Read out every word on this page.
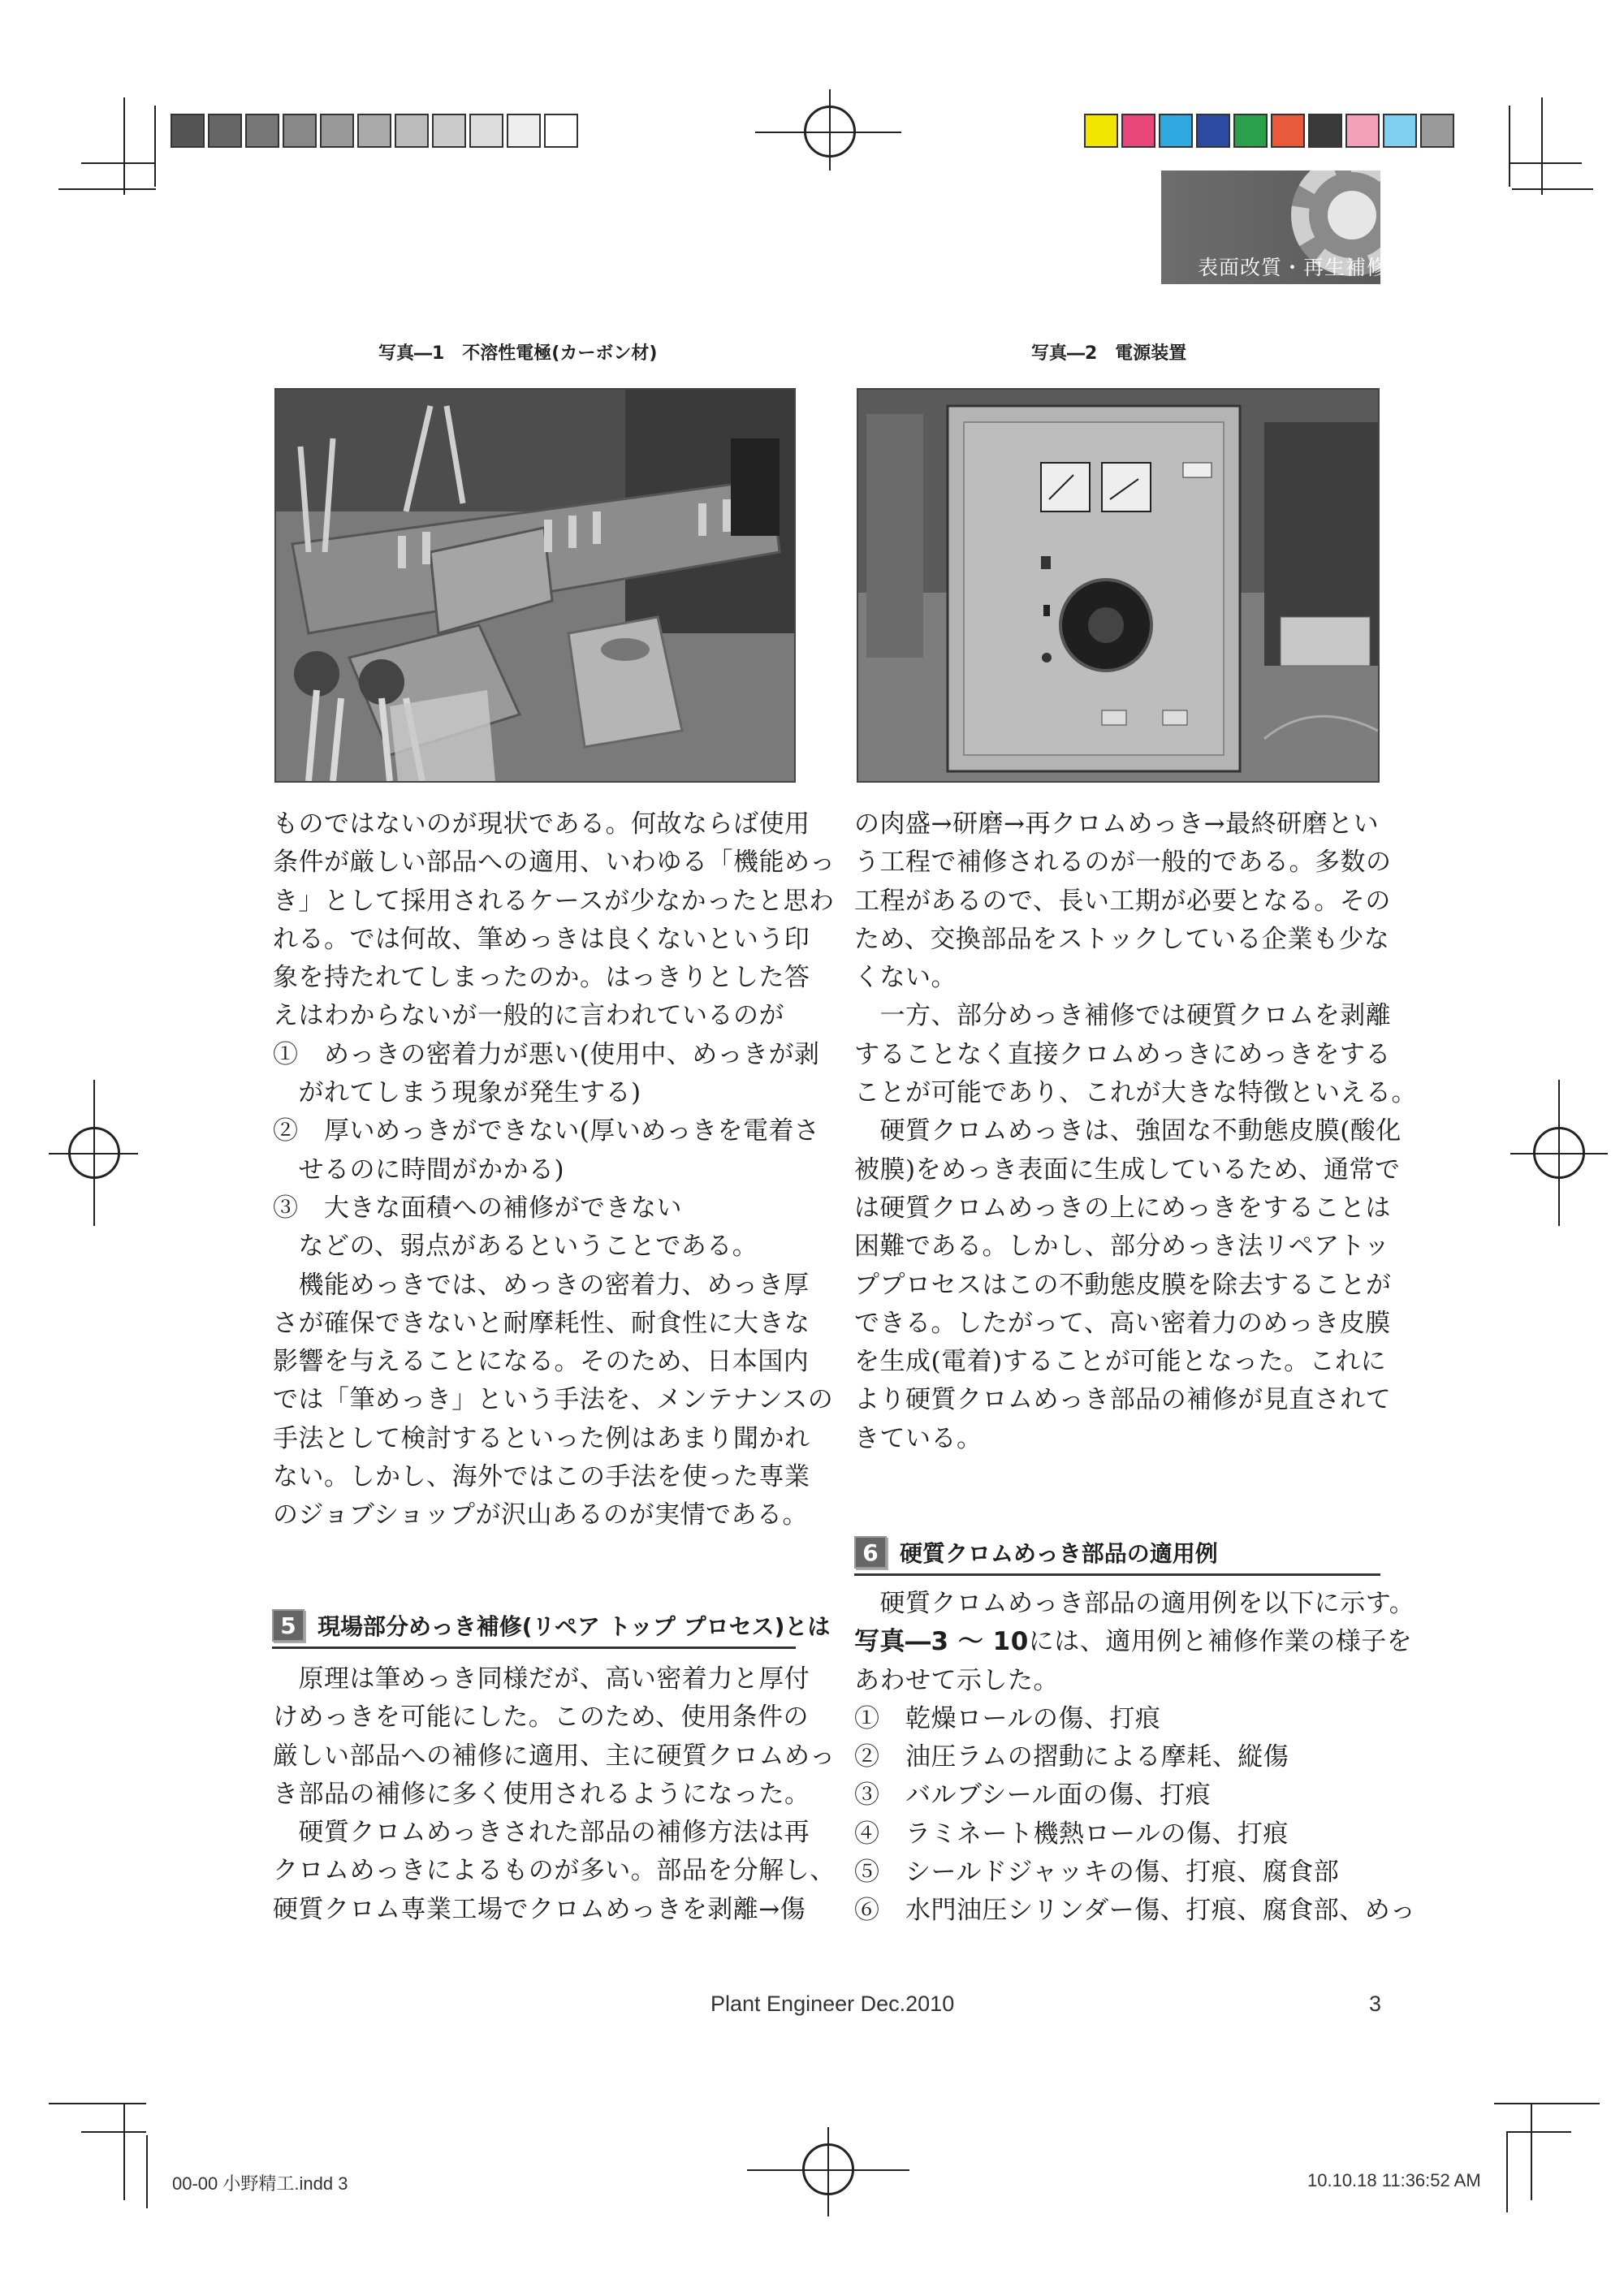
表面改質・再生補修
写真―1　不溶性電極(カーボン材)	写真―2　電源装置
ものではないのが現状である。何故ならば使用
条件が厳しい部品への適用、いわゆる「機能めっ
き」として採用されるケースが少なかったと思わ
れる。では何故、筆めっきは良くないという印
象を持たれてしまったのか。はっきりとした答
えはわからないが一般的に言われているのが
①　めっきの密着力が悪い(使用中、めっきが剥
　がれてしまう現象が発生する)
②　厚いめっきができない(厚いめっきを電着さ
　せるのに時間がかかる)
③　大きな面積への補修ができない
　などの、弱点があるということである。
　機能めっきでは、めっきの密着力、めっき厚
さが確保できないと耐摩耗性、耐食性に大きな
影響を与えることになる。そのため、日本国内
では「筆めっき」という手法を、メンテナンスの
手法として検討するといった例はあまり聞かれ
ない。しかし、海外ではこの手法を使った専業
のジョブショップが沢山あるのが実情である。
5 現場部分めっき補修(リペア トップ プロセス)とは
　原理は筆めっき同様だが、高い密着力と厚付
けめっきを可能にした。このため、使用条件の
厳しい部品への補修に適用、主に硬質クロムめっ
き部品の補修に多く使用されるようになった。
　硬質クロムめっきされた部品の補修方法は再
クロムめっきによるものが多い。部品を分解し、
硬質クロム専業工場でクロムめっきを剥離→傷
の肉盛→研磨→再クロムめっき→最終研磨とい
う工程で補修されるのが一般的である。多数の
工程があるので、長い工期が必要となる。その
ため、交換部品をストックしている企業も少な
くない。
　一方、部分めっき補修では硬質クロムを剥離
することなく直接クロムめっきにめっきをする
ことが可能であり、これが大きな特徴といえる。
　硬質クロムめっきは、強固な不動態皮膜(酸化
被膜)をめっき表面に生成しているため、通常で
は硬質クロムめっきの上にめっきをすることは
困難である。しかし、部分めっき法リペアトッ
ププロセスはこの不動態皮膜を除去することが
できる。したがって、高い密着力のめっき皮膜
を生成(電着)することが可能となった。これに
より硬質クロムめっき部品の補修が見直されて
きている。
6 硬質クロムめっき部品の適用例
　硬質クロムめっき部品の適用例を以下に示す。
写真―3 ～ 10には、適用例と補修作業の様子を
あわせて示した。
①　乾燥ロールの傷、打痕
②　油圧ラムの摺動による摩耗、縦傷
③　バルブシール面の傷、打痕
④　ラミネート機熱ロールの傷、打痕
⑤　シールドジャッキの傷、打痕、腐食部
⑥　水門油圧シリンダー傷、打痕、腐食部、めっ
Plant Engineer Dec.2010	3
00-00 小野精工.indd 3	10.10.18 11:36:52 AM
